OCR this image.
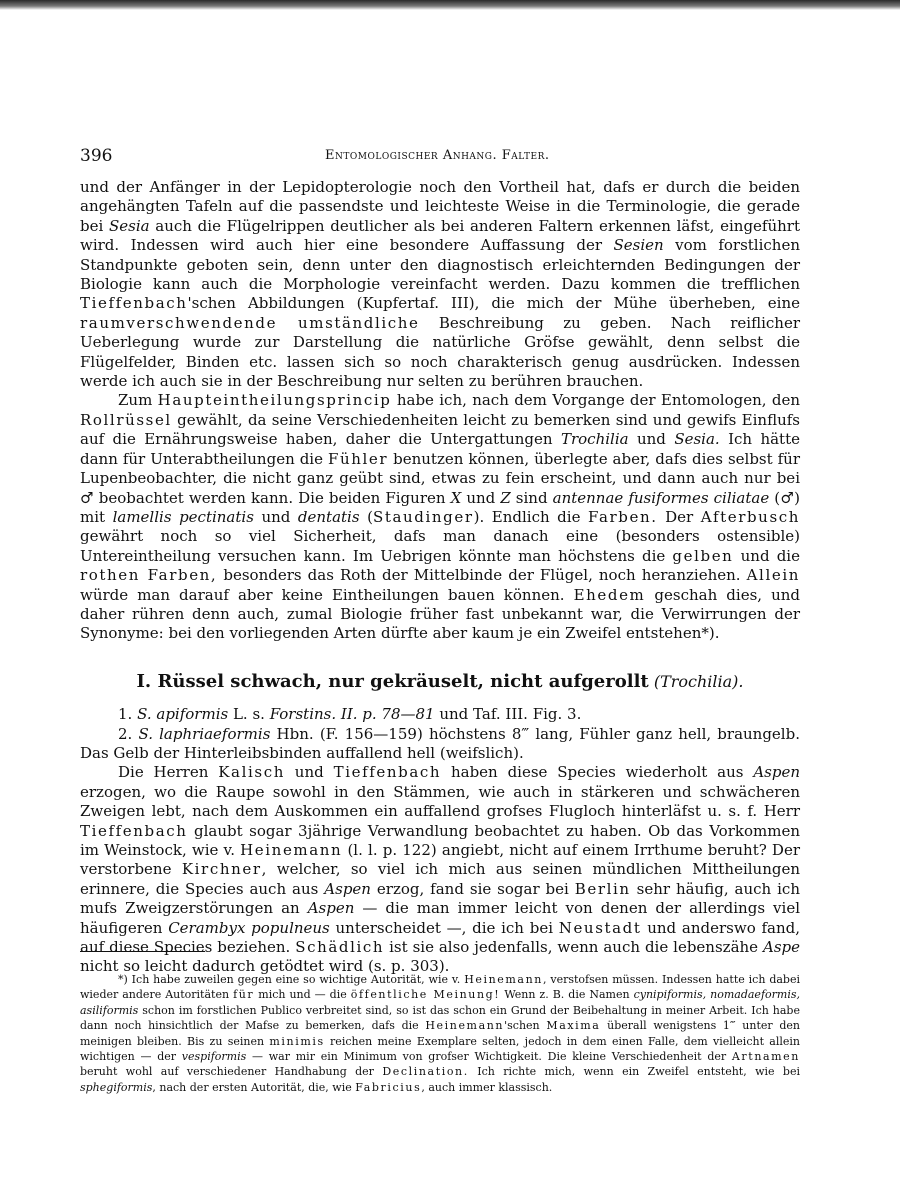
396	Entomologischer Anhang. Falter.

und der Anfänger in der Lepidopterologie noch den Vortheil hat, dafs er durch die beiden angehängten Tafeln auf die passendste und leichteste Weise in die Terminologie, die gerade bei Sesia auch die Flügelrippen deutlicher als bei anderen Faltern erkennen läfst, eingeführt wird. Indessen wird auch hier eine besondere Auffassung der Sesien vom forstlichen Standpunkte geboten sein, denn unter den diagnostisch erleichternden Bedingungen der Biologie kann auch die Morphologie vereinfacht werden. Dazu kommen die trefflichen Tieffenbach'schen Abbildungen (Kupfertaf. III), die mich der Mühe überheben, eine raumverschwendende umständliche Beschreibung zu geben. Nach reiflicher Ueberlegung wurde zur Darstellung die natürliche Gröfse gewählt, denn selbst die Flügelfelder, Binden etc. lassen sich so noch charakterisch genug ausdrücken. Indessen werde ich auch sie in der Beschreibung nur selten zu berühren brauchen.

Zum Haupteintheilungsprincip habe ich, nach dem Vorgange der Entomologen, den Rollrüssel gewählt, da seine Verschiedenheiten leicht zu bemerken sind und gewifs Einflufs auf die Ernährungsweise haben, daher die Untergattungen Trochilia und Sesia. Ich hätte dann für Unterabtheilungen die Fühler benutzen können, überlegte aber, dafs dies selbst für Lupenbeobachter, die nicht ganz geübt sind, etwas zu fein erscheint, und dann auch nur bei ♂ beobachtet werden kann. Die beiden Figuren X und Z sind antennae fusiformes ciliatae (♂) mit lamellis pectinatis und dentatis (Staudinger). Endlich die Farben. Der Afterbusch gewährt noch so viel Sicherheit, dafs man danach eine (besonders ostensible) Untereintheilung versuchen kann. Im Uebrigen könnte man höchstens die gelben und die rothen Farben, besonders das Roth der Mittelbinde der Flügel, noch heranziehen. Allein würde man darauf aber keine Eintheilungen bauen können. Ehedem geschah dies, und daher rühren denn auch, zumal Biologie früher fast unbekannt war, die Verwirrungen der Synonyme: bei den vorliegenden Arten dürfte aber kaum je ein Zweifel entstehen*).

I. Rüssel schwach, nur gekräuselt, nicht aufgerollt (Trochilia).

1. S. apiformis L. s. Forstins. II. p. 78—81 und Taf. III. Fig. 3.

2. S. laphriaeformis Hbn. (F. 156—159) höchstens 8‴ lang, Fühler ganz hell, braungelb. Das Gelb der Hinterleibsbinden auffallend hell (weifslich).

Die Herren Kalisch und Tieffenbach haben diese Species wiederholt aus Aspen erzogen, wo die Raupe sowohl in den Stämmen, wie auch in stärkeren und schwächeren Zweigen lebt, nach dem Auskommen ein auffallend grofses Flugloch hinterläfst u. s. f. Herr Tieffenbach glaubt sogar 3jährige Verwandlung beobachtet zu haben. Ob das Vorkommen im Weinstock, wie v. Heinemann (l. l. p. 122) angiebt, nicht auf einem Irrthume beruht? Der verstorbene Kirchner, welcher, so viel ich mich aus seinen mündlichen Mittheilungen erinnere, die Species auch aus Aspen erzog, fand sie sogar bei Berlin sehr häufig, auch ich mufs Zweigzerstörungen an Aspen — die man immer leicht von denen der allerdings viel häufigeren Cerambyx populneus unterscheidet —, die ich bei Neustadt und anderswo fand, auf diese Species beziehen. Schädlich ist sie also jedenfalls, wenn auch die lebenszähe Aspe nicht so leicht dadurch getödtet wird (s. p. 303).

*) Ich habe zuweilen gegen eine so wichtige Autorität, wie v. Heinemann, verstofsen müssen. Indessen hatte ich dabei wieder andere Autoritäten für mich und — die öffentliche Meinung! Wenn z. B. die Namen cynipiformis, nomadaeformis, asiliformis schon im forstlichen Publico verbreitet sind, so ist das schon ein Grund der Beibehaltung in meiner Arbeit. Ich habe dann noch hinsichtlich der Mafse zu bemerken, dafs die Heinemann'schen Maxima überall wenigstens 1‴ unter den meinigen bleiben. Bis zu seinen minimis reichen meine Exemplare selten, jedoch in dem einen Falle, dem vielleicht allein wichtigen — der vespiformis — war mir ein Minimum von grofser Wichtigkeit. Die kleine Verschiedenheit der Artnamen beruht wohl auf verschiedener Handhabung der Declination. Ich richte mich, wenn ein Zweifel entsteht, wie bei sphegiformis, nach der ersten Autorität, die, wie Fabricius, auch immer klassisch.
